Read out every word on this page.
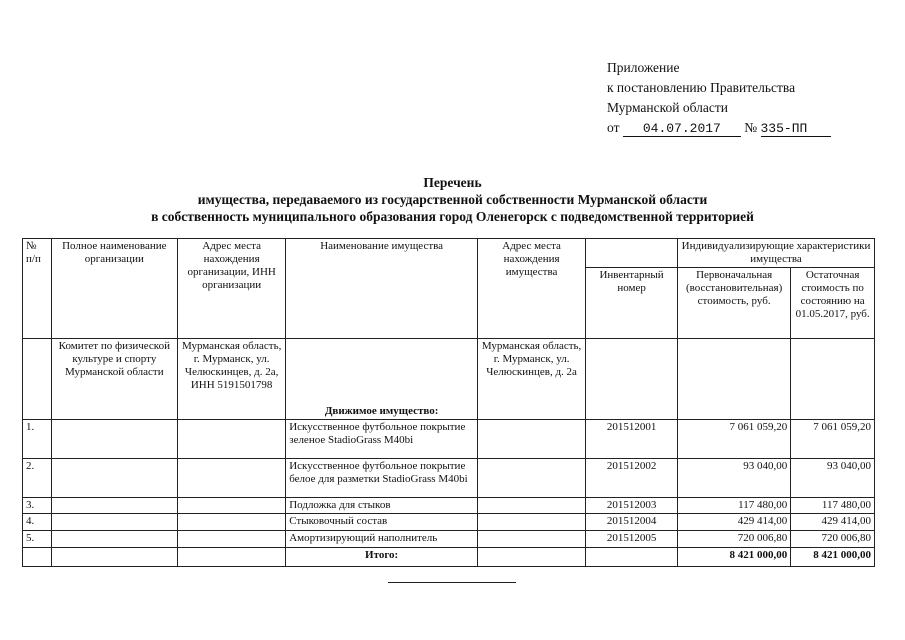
Приложение
к постановлению Правительства
Мурманской области
от 04.07.2017 № 335-ПП
Перечень
имущества, передаваемого из государственной собственности Мурманской области
в собственность муниципального образования город Оленегорск с подведомственной территорией
№ п/п	Полное наименование организации	Адрес места нахождения организации, ИНН организации	Наименование имущества	Адрес места нахождения имущества		Индивидуализирующие характеристики имущества	
					Инвентарный номер	Первоначальная (восстановительная) стоимость, руб.	Остаточная стоимость по состоянию на 01.05.2017, руб.
	Комитет по физической культуре и спорту Мурманской области	Мурманская область, г. Мурманск, ул. Челюскинцев, д. 2а, ИНН 5191501798	Движимое имущество:	Мурманская область, г. Мурманск, ул. Челюскинцев, д. 2а			
1.			Искусственное футбольное покрытие зеленое StadioGrass M40bi		201512001	7 061 059,20	7 061 059,20
2.			Искусственное футбольное покрытие белое для разметки StadioGrass M40bi		201512002	93 040,00	93 040,00
3.			Подложка для стыков		201512003	117 480,00	117 480,00
4.			Стыковочный состав		201512004	429 414,00	429 414,00
5.			Амортизирующий наполнитель		201512005	720 006,80	720 006,80
			Итого:			8 421 000,00	8 421 000,00
